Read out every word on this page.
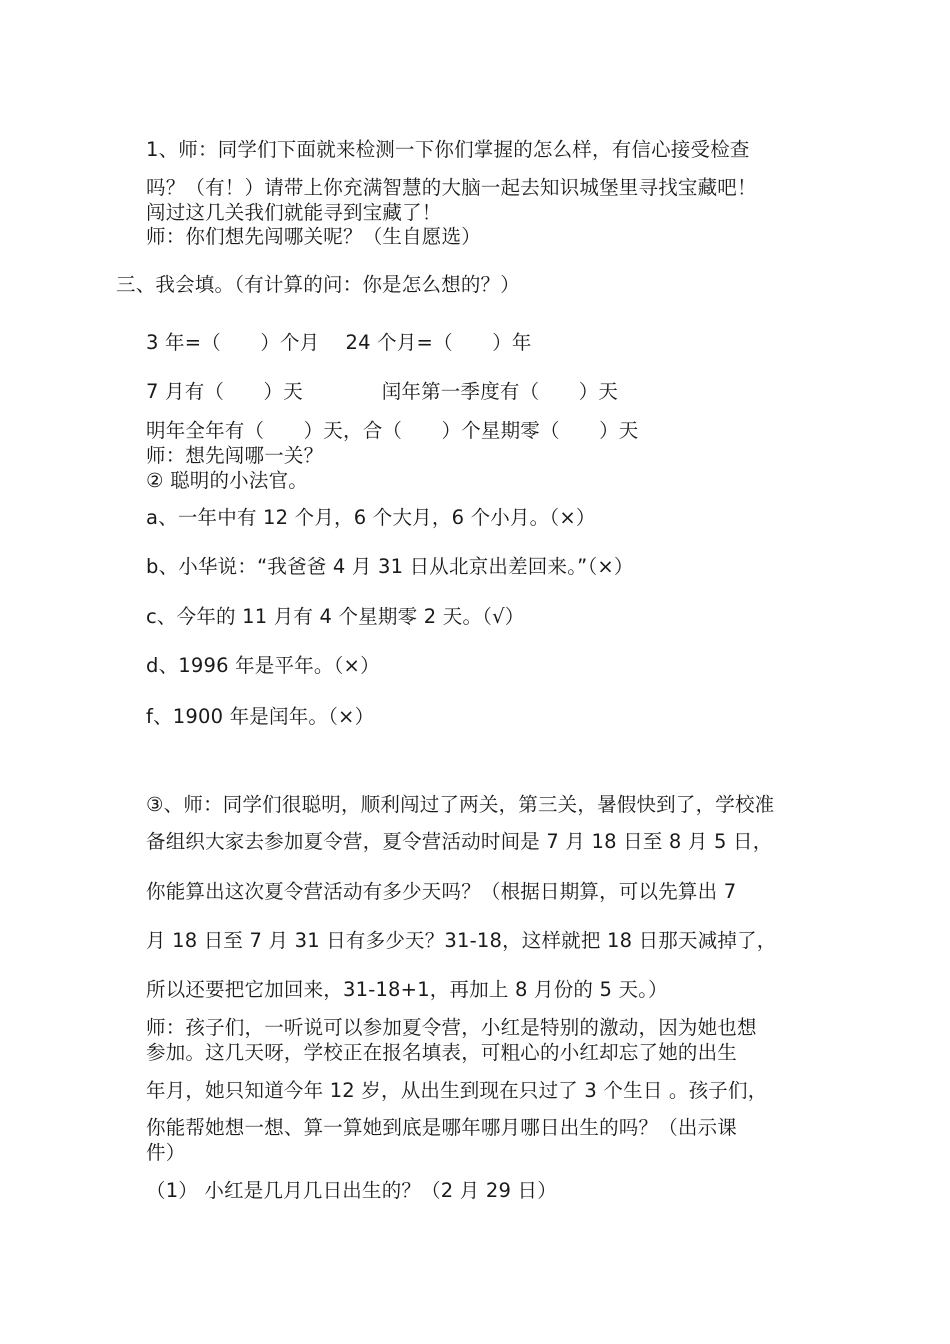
1、师：同学们下面就来检测一下你们掌握的怎么样，有信心接受检查
吗？（有！）请带上你充满智慧的大脑一起去知识城堡里寻找宝藏吧！
闯过这几关我们就能寻到宝藏了！
师：你们想先闯哪关呢？（生自愿选）
三、我会填。（有计算的问：你是怎么想的？）
3 年=（　　）个月　 24 个月=（　　）年
7 月有（　　）天　　　　闰年第一季度有（　　）天
明年全年有（　　）天，合（　　）个星期零（　　）天
师：想先闯哪一关？
② 聪明的小法官。
a、一年中有 12 个月，6 个大月，6 个小月。（×）
b、小华说：“我爸爸 4 月 31 日从北京出差回来。”（×）
c、今年的 11 月有 4 个星期零 2 天。（√）
d、1996 年是平年。（×）
f、1900 年是闰年。（×）
③、师：同学们很聪明，顺利闯过了两关，第三关，暑假快到了，学校准
备组织大家去参加夏令营，夏令营活动时间是 7 月 18 日至 8 月 5 日，
你能算出这次夏令营活动有多少天吗？（根据日期算，可以先算出 7
月 18 日至 7 月 31 日有多少天？31-18，这样就把 18 日那天减掉了，
所以还要把它加回来，31-18+1，再加上 8 月份的 5 天。）
师：孩子们，一听说可以参加夏令营，小红是特别的激动，因为她也想
参加。这几天呀，学校正在报名填表，可粗心的小红却忘了她的出生
年月，她只知道今年 12 岁，从出生到现在只过了 3 个生日 。孩子们，
你能帮她想一想、算一算她到底是哪年哪月哪日出生的吗？（出示课
件）
（1） 小红是几月几日出生的？（2 月 29 日）
